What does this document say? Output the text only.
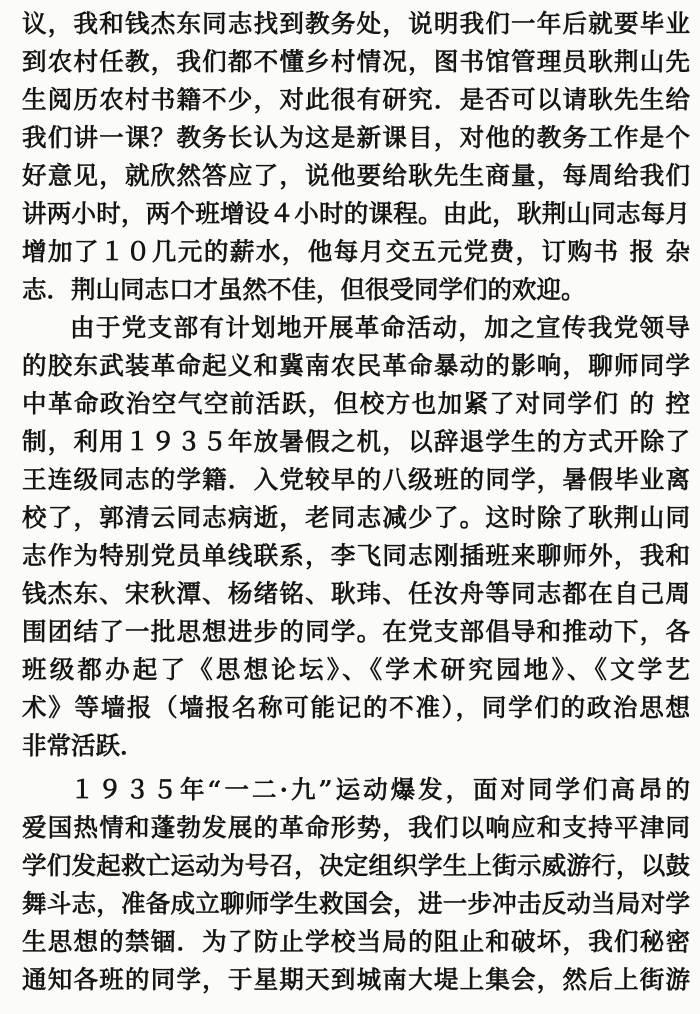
议，我和钱杰东同志找到教务处，说明我们一年后就要毕业
到农村任教，我们都不懂乡村情况，图书馆管理员耿荆山先
生阅历农村书籍不少，对此很有研究．是否可以请耿先生给
我们讲一课？教务长认为这是新课目，对他的教务工作是个
好意见，就欣然答应了，说他要给耿先生商量，每周给我们
讲两小时，两个班增设４小时的课程。由此，耿荆山同志每月
增加了１０几元的薪水，他每月交五元党费，订购书 报 杂
志．荆山同志口才虽然不佳，但很受同学们的欢迎。
由于党支部有计划地开展革命活动，加之宣传我党领导
的胶东武装革命起义和冀南农民革命暴动的影响，聊师同学
中革命政治空气空前活跃，但校方也加紧了对同学们 的 控
制，利用１９３５年放暑假之机，以辞退学生的方式开除了
王连级同志的学籍．入党较早的八级班的同学，暑假毕业离
校了，郭清云同志病逝，老同志减少了。这时除了耿荆山同
志作为特别党员单线联系，李飞同志刚插班来聊师外，我和
钱杰东、宋秋潭、杨绪铭、耿玮、任汝舟等同志都在自己周
围团结了一批思想进步的同学。在党支部倡导和推动下，各
班级都办起了《思想论坛》、《学术研究园地》、《文学艺
术》等墙报（墙报名称可能记的不准），同学们的政治思想
非常活跃．
１９３５年“一二·九”运动爆发，面对同学们高昂的
爱国热情和蓬勃发展的革命形势，我们以响应和支持平津同
学们发起救亡运动为号召，决定组织学生上街示威游行，以鼓
舞斗志，准备成立聊师学生救国会，进一步冲击反动当局对学
生思想的禁锢．为了防止学校当局的阻止和破坏，我们秘密
通知各班的同学，于星期天到城南大堤上集会，然后上街游
